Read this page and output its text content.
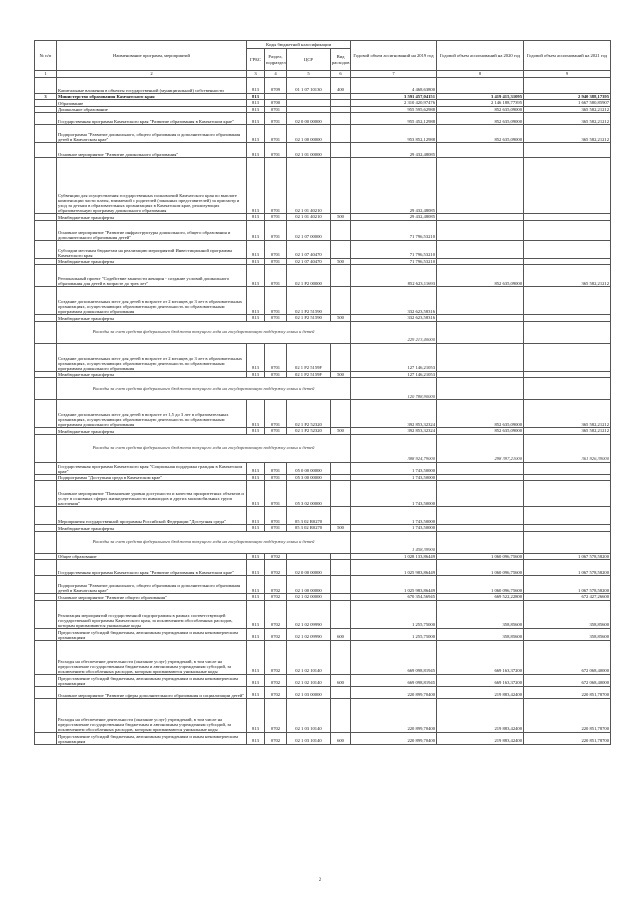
№ п/п	Наименование программ, мероприятий	Коды бюджетной классификации				Годовой объем ассигнований на 2019 год	Годовой объем ассигнований на 2020 год	Годовой объем ассигнований на 2021 год
		ГРБС	Раздел, подраздел	ЦСР	Вид расходов			
1	2	3	4	5	6	7	8	9
	Капитальные вложения в объекты государственной (муниципальной) собственности	813	0709	01 1 07 10130	400	4 468,63800		
3	Министерство образования Камчатского края	813				3 591 457,04151	3 419 415,31095	2 940 388,17395
	Образование	813	0700			2 310 420,97476	2 146 188,77395	1 667 580,85907
	Дошкольное образование	813	0701			955 595,62988	852 635,09000	365 582,21212
	Государственная программа Камчатского края "Развитие образования в Камчатском крае"	813	0701	02 0 00 00000		955 452,12988	852 635,09000	365 582,21212
	Подпрограмма "Развитие дошкольного, общего образования и дополнительного образования детей в Камчатском крае"	813	0701	02 1 00 00000		953 852,12988	852 635,09000	365 582,21212
	Основное мероприятие "Развитие дошкольного образования"	813	0701	02 1 01 00000		29 432,48085		
	Субвенции для осуществления государственных полномочий Камчатского края по выплате компенсации части платы, взимаемой с родителей (законных представителей) за присмотр и уход за детьми в образовательных организациях в Камчатском крае, реализующих образовательную программу дошкольного образования	813	0701	02 1 01 40210		29 432,48085		
	Межбюджетные трансферты	813	0701	02 1 01 40210	500	29 432,48085		
	Основное мероприятие "Развитие инфраструктуры дошкольного, общего образования и дополнительного образования детей"	813	0701	02 1 07 00000		71 796,53210		
	Субсидии местным бюджетам на реализацию мероприятий Инвестиционной программы Камчатского края	813	0701	02 1 07 40470		71 796,53210		
	Межбюджетные трансферты	813	0701	02 1 07 40470	500	71 796,53210		
	Региональный проект "Содействие занятости женщин - создание условий дошкольного образования для детей в возрасте до трех лет"	813	0701	02 1 P2 00000		852 623,11693	852 635,09000	365 582,21212
	Создание дополнительных мест для детей в возрасте от 2 месяцев до 3 лет в образовательных организациях, осуществляющих образовательную деятельность по образовательным программам дошкольного образования	813	0701	02 1 P2 51590		332 623,58316		
	Межбюджетные трансферты	813	0701	02 1 P2 51590	500	332 623,58316		
	Расходы за счет средств федерального бюджета текущего года на государственную поддержку семьи и детей					229 213,40000		
	Создание дополнительных мест для детей в возрасте от 2 месяцев до 3 лет в образовательных организациях, осуществляющих образовательную деятельность по образовательным программам дошкольного образования	813	0701	02 1 P2 5159F		127 146,21053		
	Межбюджетные трансферты	813	0701	02 1 P2 5159F	500	127 146,21053		
	Расходы за счет средств федерального бюджета текущего года на государственную поддержку семьи и детей					120 788,90000		
	Создание дополнительных мест для детей в возрасте от 1,5 до 3 лет в образовательных организациях, осуществляющих образовательную деятельность по образовательным программам дошкольного образования	813	0701	02 1 P2 52320		392 853,32324	852 635,09000	365 582,21212
	Межбюджетные трансферты	813	0701	02 1 P2 52320	500	392 853,32324	852 635,09000	365 582,21212
	Расходы за счет средств федерального бюджета текущего года на государственную поддержку семьи и детей					388 924,79000	298 397,21000	361 926,39000
	Государственная программа Камчатского края "Социальная поддержка граждан в Камчатском крае"	813	0701	05 0 00 00000		1 743,50000		
	Подпрограмма "Доступная среда в Камчатском крае"	813	0701	05 3 00 00000		1 743,50000		
	Основное мероприятие "Повышение уровня доступности и качества приоритетных объектов и услуг в основных сферах жизнедеятельности инвалидов и других маломобильных групп населения"	813	0701	05 3 02 00000		1 743,50000		
	Мероприятия государственной программы Российской Федерации "Доступная среда"	813	0701	05 3 02 R0270		1 743,50000		
	Межбюджетные трансферты	813	0701	05 3 02 R0270	500	1 743,50000		
	Расходы за счет средств федерального бюджета текущего года на государственную поддержку семьи и детей					1 458,39900		
	Общее образование	813	0702			1 028 133,86449	1 060 096,75600	1 067 578,58200
	Государственная программа Камчатского края "Развитие образования в Камчатском крае"	813	0702	02 0 00 00000		1 025 983,86449	1 060 096,75600	1 067 578,58200
	Подпрограмма "Развитие дошкольного, общего образования и дополнительного образования детей в Камчатском крае"	813	0702	02 1 00 00000		1 025 983,86449	1 060 096,75600	1 067 578,58200
	Основное мероприятие "Развитие общего образования"	813	0702	02 1 02 00000		670 354,56945	669 522,22800	672 427,26600
	Реализация мероприятий государственной подпрограммы в рамках соответствующей государственной программы Камчатского края, за исключением обособленных расходов, которым присваиваются уникальные коды	813	0702	02 1 02 09990		1 255,75000	358,85600	358,85600
	Предоставление субсидий бюджетным, автономным учреждениям и иным некоммерческим организациям	813	0702	02 1 02 09990	600	1 255,75000	358,85600	358,85600
	Расходы на обеспечение деятельности (оказание услуг) учреждений, в том числе на предоставление государственным бюджетным и автономным учреждениям субсидий, за исключением обособленных расходов, которым присваиваются уникальные коды	813	0702	02 1 02 10140		669 098,81945	669 163,37200	672 068,40000
	Предоставление субсидий бюджетным, автономным учреждениям и иным некоммерческим организациям	813	0702	02 1 02 10140	600	669 098,81945	669 163,37200	672 068,40000
	Основное мероприятие "Развитие сферы дополнительного образования и социализации детей"	813	0702	02 1 03 00000		220 899,70400	219 883,42400	220 851,78700
	Расходы на обеспечение деятельности (оказание услуг) учреждений, в том числе на предоставление государственным бюджетным и автономным учреждениям субсидий, за исключением обособленных расходов, которым присваиваются уникальные коды	813	0702	02 1 03 10140		220 899,70400	219 883,42400	220 851,78700
	Предоставление субсидий бюджетным, автономным учреждениям и иным некоммерческим организациям	813	0702	02 1 03 10140	600	220 899,70400	219 883,42400	220 851,78700
2
